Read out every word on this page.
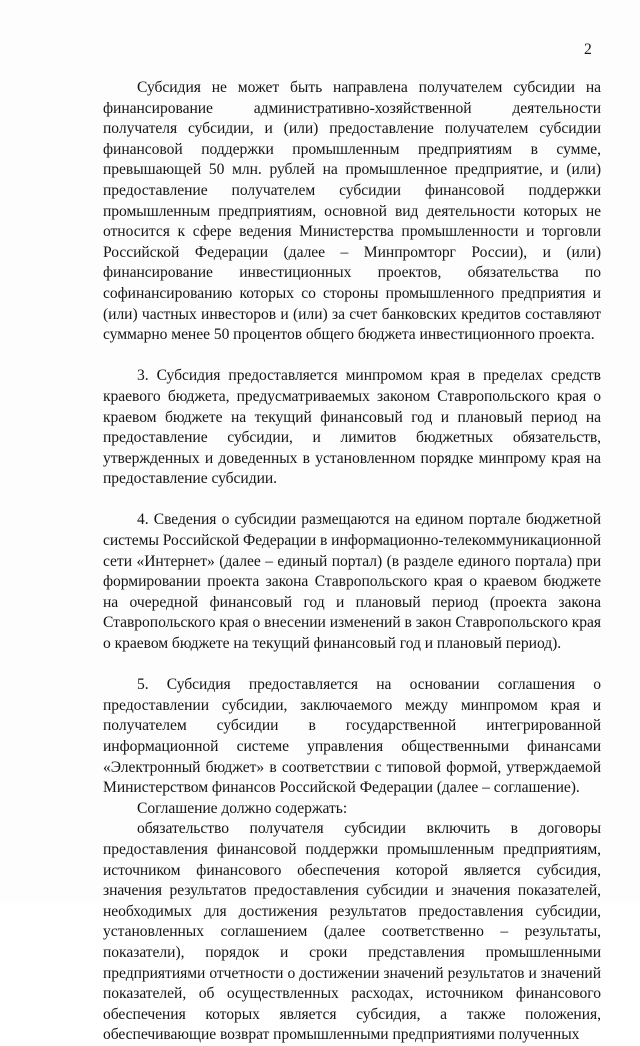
2

Субсидия не может быть направлена получателем субсидии на финансирование административно-хозяйственной деятельности получателя субсидии, и (или) предоставление получателем субсидии финансовой поддержки промышленным предприятиям в сумме, превышающей 50 млн. рублей на промышленное предприятие, и (или) предоставление получателем субсидии финансовой поддержки промышленным предприятиям, основной вид деятельности которых не относится к сфере ведения Министерства промышленности и торговли Российской Федерации (далее – Минпромторг России), и (или) финансирование инвестиционных проектов, обязательства по софинансированию которых со стороны промышленного предприятия и (или) частных инвесторов и (или) за счет банковских кредитов составляют суммарно менее 50 процентов общего бюджета инвестиционного проекта.

3. Субсидия предоставляется минпромом края в пределах средств краевого бюджета, предусматриваемых законом Ставропольского края о краевом бюджете на текущий финансовый год и плановый период на предоставление субсидии, и лимитов бюджетных обязательств, утвержденных и доведенных в установленном порядке минпрому края на предоставление субсидии.

4. Сведения о субсидии размещаются на едином портале бюджетной системы Российской Федерации в информационно-телекоммуникационной сети «Интернет» (далее – единый портал) (в разделе единого портала) при формировании проекта закона Ставропольского края о краевом бюджете на очередной финансовый год и плановый период (проекта закона Ставропольского края о внесении изменений в закон Ставропольского края о краевом бюджете на текущий финансовый год и плановый период).

5. Субсидия предоставляется на основании соглашения о предоставлении субсидии, заключаемого между минпромом края и получателем субсидии в государственной интегрированной информационной системе управления общественными финансами «Электронный бюджет» в соответствии с типовой формой, утверждаемой Министерством финансов Российской Федерации (далее – соглашение).

Соглашение должно содержать:

обязательство получателя субсидии включить в договоры предоставления финансовой поддержки промышленным предприятиям, источником финансового обеспечения которой является субсидия, значения результатов предоставления субсидии и значения показателей, необходимых для достижения результатов предоставления субсидии, установленных соглашением (далее соответственно – результаты, показатели), порядок и сроки представления промышленными предприятиями отчетности о достижении значений результатов и значений показателей, об осуществленных расходах, источником финансового обеспечения которых является субсидия, а также положения, обеспечивающие возврат промышленными предприятиями полученных
